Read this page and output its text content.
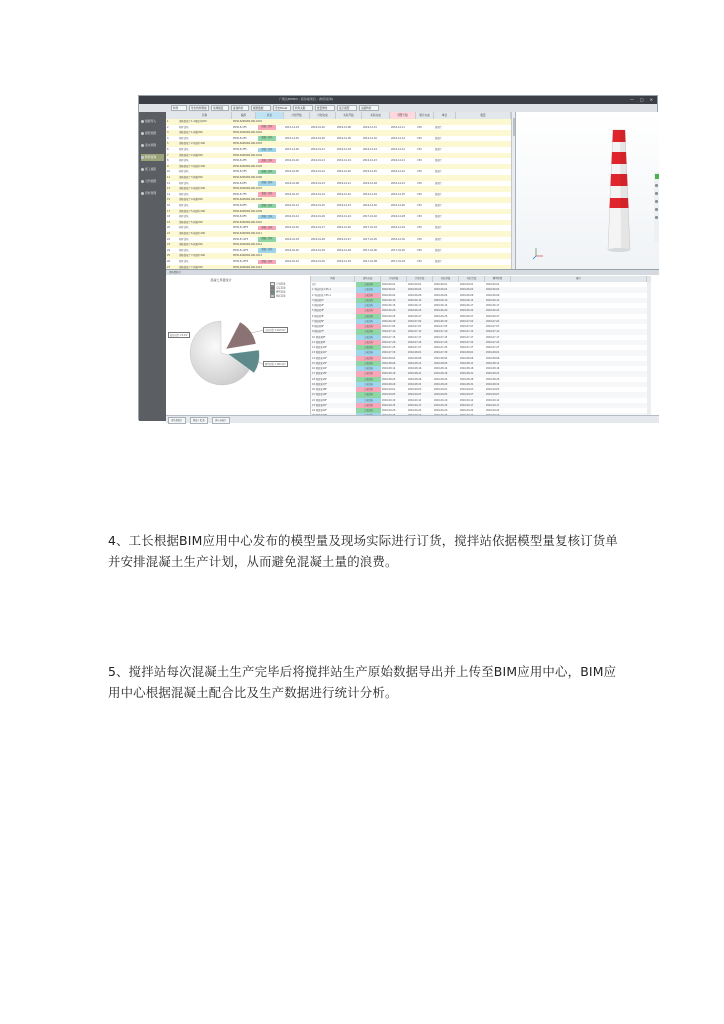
广联达BIM5D - 商务楼项目 - [物资查询]	— □ ✕
构件	导出构件明细	选择楼层	查找构件	刷新数据	导出Excel	构件关联	批量修改	显示模型	关联构件
数据导入
模型视图
流水视图
物资查询
施工模拟
合约视图
资料管理
名称	编码	状态	计划开始	计划完成	实际开始	实际完成	预警天数	累计完成	单位	数量
1	钢筋混凝土1-2楼层柱200	P030-6290001190-1001
2	构件浇筑	P030-8-1F5	混凝土浇筑	2015-12-19	2016-01-20	2016-12-06	2016-12-15	2016-12-11	C30	混凝土
3	钢筋混凝土1-楼板200	P030-6290001190-1002
4	构件浇筑	P030-8-2F5	混凝土浇筑	2015-12-25	2016-01-20	2016-12-05	2016-12-16	2016-12-14	C30	混凝土
5	钢筋混凝土2-楼层柱200	P030-6290001190-1003
6	构件浇筑	P030-8-3F5	混凝土浇筑	2015-12-26	2016-01-21	2016-12-18	2016-12-24	2016-12-14	C30	混凝土
7	钢筋混凝土2-楼板200	P030-6290001190-1004
8	构件浇筑	P030-8-4F5	混凝土浇筑	2016-01-02	2016-01-21	2016-12-19	2016-12-23	2016-12-21	C30	混凝土
9	钢筋混凝土3-楼层柱200	P030-6290001190-1005
10	构件浇筑	P030-8-5F5	混凝土浇筑	2016-01-05	2016-01-22	2016-12-20	2016-12-25	2016-12-22	C30	混凝土
11	钢筋混凝土3-楼板200	P030-6290001190-1006
12	构件浇筑	P030-8-6F5	混凝土浇筑	2016-01-08	2016-01-23	2016-12-21	2016-12-28	2016-12-23	C30	混凝土
13	钢筋混凝土4-楼层柱200	P030-6290001190-1007
14	构件浇筑	P030-8-7F5	混凝土浇筑	2016-01-10	2016-01-24	2016-12-22	2016-12-29	2016-12-25	C30	混凝土
15	钢筋混凝土4-楼板200	P030-6290001190-1008
16	构件浇筑	P030-8-8F5	混凝土浇筑	2016-01-12	2016-01-25	2016-12-23	2016-12-30	2016-12-26	C30	混凝土
17	钢筋混凝土5-楼层柱200	P030-6290001190-1009
18	构件浇筑	P030-8-9F5	混凝土浇筑	2016-01-14	2016-01-26	2016-12-24	2017-01-02	2016-12-28	C30	混凝土
19	钢筋混凝土5-楼板200	P030-6290001190-1010
20	构件浇筑	P030-8-10F5	混凝土浇筑	2016-01-16	2016-01-27	2016-12-26	2017-01-03	2016-12-29	C30	混凝土
21	钢筋混凝土6-楼层柱200	P030-6290001190-1011
22	构件浇筑	P030-8-11F5	混凝土浇筑	2016-01-18	2016-01-28	2016-12-27	2017-01-05	2016-12-30	C30	混凝土
23	钢筋混凝土6-楼板200	P030-6290001190-1012
24	构件浇筑	P030-8-12F5	混凝土浇筑	2016-01-20	2016-01-29	2016-12-28	2017-01-06	2017-01-02	C30	混凝土
25	钢筋混凝土7-楼层柱200	P030-6290001190-1013
26	构件浇筑	P030-8-13F5	混凝土浇筑	2016-01-22	2016-01-30	2016-12-29	2017-01-08	2017-01-03	C30	混凝土
27	钢筋混凝土7-楼板200	P030-6290001190-1014
浇筑量统计
混凝土用量统计
计划用量
实际用量
模型用量
损耗用量
实际用量: 1203.5m³
模型用量: 1180.2m³
损耗用量: 23.3m³
名称	浇筑状态	计划开始	计划完成	实际开始	实际完成	模型用量	备注
总计	完成浇筑	2016-06-01	2016-09-01	2016-06-01	2016-09-01	2016-09-01
1 基础垫层 C15-1	完成浇筑	2016-06-01	2016-06-02	2016-06-01	2016-06-02	2016-06-02
2 基础底板 C35-1	完成浇筑	2016-06-04	2016-06-06	2016-06-04	2016-06-06	2016-06-06
3 楼层梁1F	完成浇筑	2016-06-10	2016-06-12	2016-06-10	2016-06-12	2016-06-12
4 楼层梁2F	完成浇筑	2016-06-15	2016-06-17	2016-06-15	2016-06-17	2016-06-17
5 楼层梁3F	完成浇筑	2016-06-20	2016-06-22	2016-06-20	2016-06-22	2016-06-22
6 楼层梁4F	完成浇筑	2016-06-25	2016-06-27	2016-06-25	2016-06-27	2016-06-27
7 楼层梁5F	完成浇筑	2016-06-30	2016-07-02	2016-06-30	2016-07-02	2016-07-02
8 楼层梁6F	完成浇筑	2016-07-05	2016-07-07	2016-07-05	2016-07-07	2016-07-07
9 楼层梁7F	完成浇筑	2016-07-10	2016-07-12	2016-07-10	2016-07-12	2016-07-12
10 楼层梁8F	完成浇筑	2016-07-15	2016-07-17	2016-07-15	2016-07-17	2016-07-17
11 楼层梁9F	完成浇筑	2016-07-20	2016-07-22	2016-07-20	2016-07-22	2016-07-22
12 楼层梁10F	完成浇筑	2016-07-25	2016-07-27	2016-07-25	2016-07-27	2016-07-27
13 楼层梁11F	完成浇筑	2016-07-30	2016-08-01	2016-07-30	2016-08-01	2016-08-01
14 楼层梁12F	完成浇筑	2016-08-04	2016-08-06	2016-08-04	2016-08-06	2016-08-06
15 楼层梁13F	完成浇筑	2016-08-09	2016-08-11	2016-08-09	2016-08-11	2016-08-11
16 楼层梁14F	完成浇筑	2016-08-14	2016-08-16	2016-08-14	2016-08-16	2016-08-16
17 楼层梁15F	完成浇筑	2016-08-19	2016-08-21	2016-08-19	2016-08-21	2016-08-21
18 楼层梁16F	完成浇筑	2016-08-24	2016-08-26	2016-08-24	2016-08-26	2016-08-26
19 楼层梁17F	完成浇筑	2016-08-29	2016-08-31	2016-08-29	2016-08-31	2016-08-31
20 楼层梁18F	完成浇筑	2016-09-01	2016-09-03	2016-09-01	2016-09-03	2016-09-03
21 楼层梁19F	完成浇筑	2016-09-05	2016-09-07	2016-09-05	2016-09-07	2016-09-07
22 楼层梁20F	完成浇筑	2016-09-10	2016-09-12	2016-09-10	2016-09-12	2016-09-12
23 楼层梁21F	完成浇筑	2016-09-15	2016-09-17	2016-09-15	2016-09-17	2016-09-17
24 楼层梁22F	完成浇筑	2016-09-20	2016-09-22	2016-09-20	2016-09-22	2016-09-22
浇筑量统计	混凝土报表	供应商统计
4、工长根据BIM应用中心发布的模型量及现场实际进行订货，搅拌站依据模型量复核订货单并安排混凝土生产计划，从而避免混凝土量的浪费。
5、搅拌站每次混凝土生产完毕后将搅拌站生产原始数据导出并上传至BIM应用中心，BIM应用中心根据混凝土配合比及生产数据进行统计分析。
